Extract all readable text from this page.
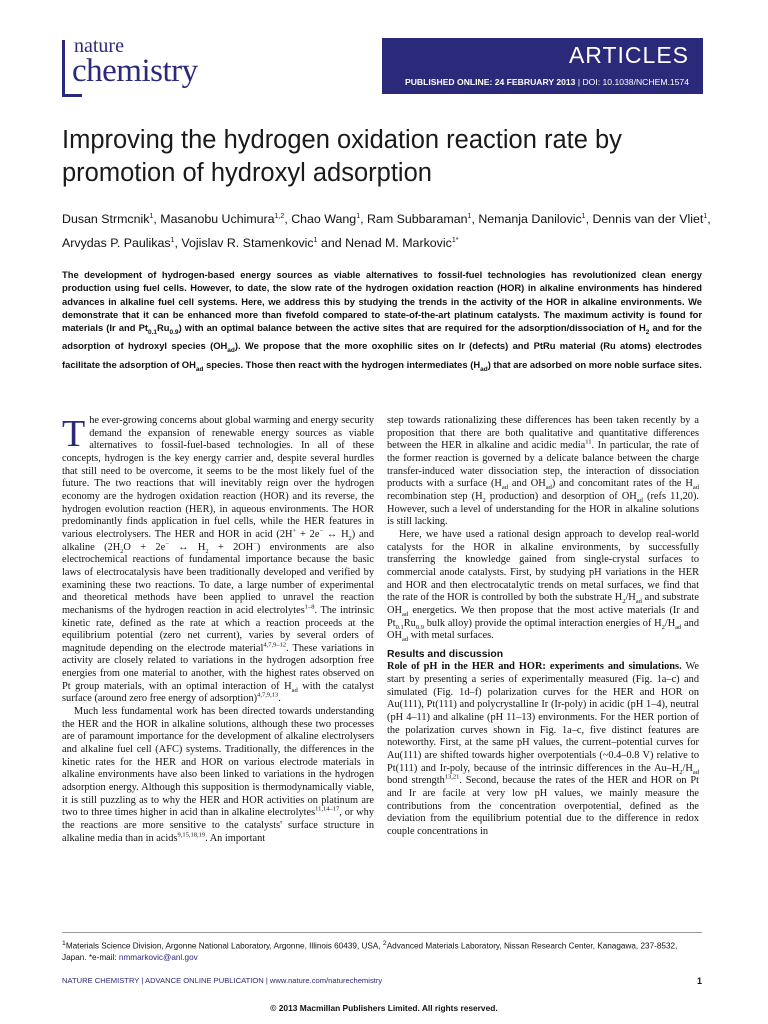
nature
chemistry	ARTICLES
PUBLISHED ONLINE: 24 FEBRUARY 2013 | DOI: 10.1038/NCHEM.1574
Improving the hydrogen oxidation reaction rate by promotion of hydroxyl adsorption
Dusan Strmcnik$^1$, Masanobu Uchimura$^{1,2}$, Chao Wang$^1$, Ram Subbaraman$^1$, Nemanja Danilovic$^1$, Dennis van der Vliet$^1$, Arvydas P. Paulikas$^1$, Vojislav R. Stamenkovic$^1$ and Nenad M. Markovic$^{1*}$
The development of hydrogen-based energy sources as viable alternatives to fossil-fuel technologies has revolutionized clean energy production using fuel cells. However, to date, the slow rate of the hydrogen oxidation reaction (HOR) in alkaline environments has hindered advances in alkaline fuel cell systems. Here, we address this by studying the trends in the activity of the HOR in alkaline environments. We demonstrate that it can be enhanced more than fivefold compared to state-of-the-art platinum catalysts. The maximum activity is found for materials (Ir and $Pt_{0.1}Ru_{0.9}$) with an optimal balance between the active sites that are required for the adsorption/dissociation of $H_2$ and for the adsorption of hydroxyl species $(OH_{ad})$. We propose that the more oxophilic sites on Ir (defects) and PtRu material (Ru atoms) electrodes facilitate the adsorption of $OH_{ad}$ species. Those then react with the hydrogen intermediates $(H_{ad})$ that are adsorbed on more noble surface sites.

The ever-growing concerns about global warming and energy security demand the expansion of renewable energy sources as viable alternatives to fossil-fuel-based technologies. In all of these concepts, hydrogen is the key energy carrier and, despite several hurdles that still need to be overcome, it seems to be the most likely fuel of the future. The two reactions that will inevitably reign over the hydrogen economy are the hydrogen oxidation reaction (HOR) and its reverse, the hydrogen evolution reaction (HER), in aqueous environments. The HOR predominantly finds application in fuel cells, while the HER features in various electrolysers. The HER and HOR in acid (2H+ + 2e− ↔ $H_2$) and alkaline ($2H_2O + 2e^-$ ↔ $H_2 + 2OH^-$) environments are also electrochemical reactions of fundamental importance because the basic laws of electrocatalysis have been traditionally developed and verified by examining these two reactions. To date, a large number of experimental and theoretical methods have been applied to unravel the reaction mechanisms of the hydrogen reaction in acid electrolytes$^{1-8}$. The intrinsic kinetic rate, defined as the rate at which a reaction proceeds at the equilibrium potential (zero net current), varies by several orders of magnitude depending on the electrode material$^{4,7,9-12}$. These variations in activity are closely related to variations in the hydrogen adsorption free energies from one material to another, with the highest rates observed on Pt group materials, with an optimal interaction of $H_{ad}$ with the catalyst surface (around zero free energy of adsorption)$^{4,7,9,13}$.

Much less fundamental work has been directed towards understanding the HER and the HOR in alkaline solutions, although these two processes are of paramount importance for the development of alkaline electrolysers and alkaline fuel cell (AFC) systems. Traditionally, the differences in the kinetic rates for the HER and HOR on various electrode materials in alkaline environments have also been linked to variations in the hydrogen adsorption energy. Although this supposition is thermodynamically viable, it is still puzzling as to why the HER and HOR activities on platinum are two to three times higher in acid than in alkaline electrolytes$^{11,14-17}$, or why the reactions are more sensitive to the catalysts' surface structure in alkaline media than in acids$^{9,15,18,19}$. An important

step towards rationalizing these differences has been taken recently by a proposition that there are both qualitative and quantitative differences between the HER in alkaline and acidic media$^{11}$. In particular, the rate of the former reaction is governed by a delicate balance between the charge transfer-induced water dissociation step, the interaction of dissociation products with a surface ($H_{ad}$ and $OH_{ad}$) and concomitant rates of the $H_{ad}$ recombination step ($H_2$ production) and desorption of $OH_{ad}$ (refs 11,20). However, such a level of understanding for the HOR in alkaline solutions is still lacking.

Here, we have used a rational design approach to develop real-world catalysts for the HOR in alkaline environments, by successfully transferring the knowledge gained from single-crystal surfaces to commercial anode catalysts. First, by studying pH variations in the HER and HOR and then electrocatalytic trends on metal surfaces, we find that the rate of the HOR is controlled by both the substrate $H_2/H_{ad}$ and substrate $OH_{ad}$ energetics. We then propose that the most active materials (Ir and $Pt_{0.1}Ru_{0.9}$ bulk alloy) provide the optimal interaction energies of $H_2/H_{ad}$ and $OH_{ad}$ with metal surfaces.

Results and discussion

Role of pH in the HER and HOR: experiments and simulations. We start by presenting a series of experimentally measured (Fig. 1a–c) and simulated (Fig. 1d–f) polarization curves for the HER and HOR on Au(111), Pt(111) and polycrystalline Ir (Ir-poly) in acidic (pH 1–4), neutral (pH 4–11) and alkaline (pH 11–13) environments. For the HER portion of the polarization curves shown in Fig. 1a–c, five distinct features are noteworthy. First, at the same pH values, the current–potential curves for Au(111) are shifted towards higher overpotentials (~0.4–0.8 V) relative to Pt(111) and Ir-poly, because of the intrinsic differences in the $Au-H_2/H_{ad}$ bond strength$^{13,21}$. Second, because the rates of the HER and HOR on Pt and Ir are facile at very low pH values, we mainly measure the contributions from the concentration overpotential, defined as the deviation from the equilibrium potential due to the difference in redox couple concentrations in

$^1$Materials Science Division, Argonne National Laboratory, Argonne, Illinois 60439, USA, $^2$Advanced Materials Laboratory, Nissan Research Center, Kanagawa, 237-8532, Japan. *e-mail: nmmarkovic@anl.gov
NATURE CHEMISTRY | ADVANCE ONLINE PUBLICATION | www.nature.com/naturechemistry	1
© 2013 Macmillan Publishers Limited. All rights reserved.
